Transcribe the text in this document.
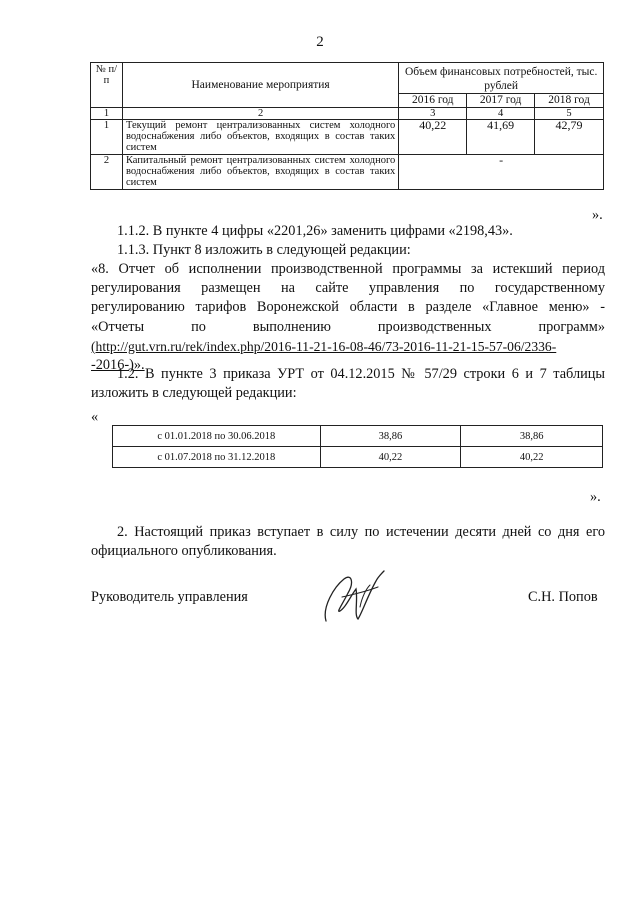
2
№ п/п	Наименование мероприятия	Объем финансовых потребностей, тыс. рублей		
		2016 год	2017 год	2018 год
1	2	3	4	5
1	Текущий ремонт централизованных систем холодного водоснабжения либо объектов, входящих в состав таких систем	40,22	41,69	42,79
2	Капитальный ремонт централизованных систем холодного водоснабжения либо объектов, входящих в состав таких систем	-		
».
1.1.2. В пункте 4 цифры «2201,26» заменить цифрами «2198,43».
1.1.3. Пункт 8 изложить в следующей редакции:
«8. Отчет об исполнении производственной программы за истекший период
регулирования размещен на сайте управления по государственному
регулированию тарифов Воронежской области в разделе «Главное меню» -
«Отчеты по выполнению производственных программ»
(http://gut.vrn.ru/rek/index.php/2016-11-21-16-08-46/73-2016-11-21-15-57-06/2336-
-2016-)».
1.2. В пункте 3 приказа УРТ от 04.12.2015 № 57/29 строки 6 и 7 таблицы
изложить в следующей редакции:
«
с 01.01.2018 по 30.06.2018	38,86	38,86
с 01.07.2018 по 31.12.2018	40,22	40,22
».
2. Настоящий приказ вступает в силу по истечении десяти дней со дня его
официального опубликования.
Руководитель управления	С.Н. Попов
